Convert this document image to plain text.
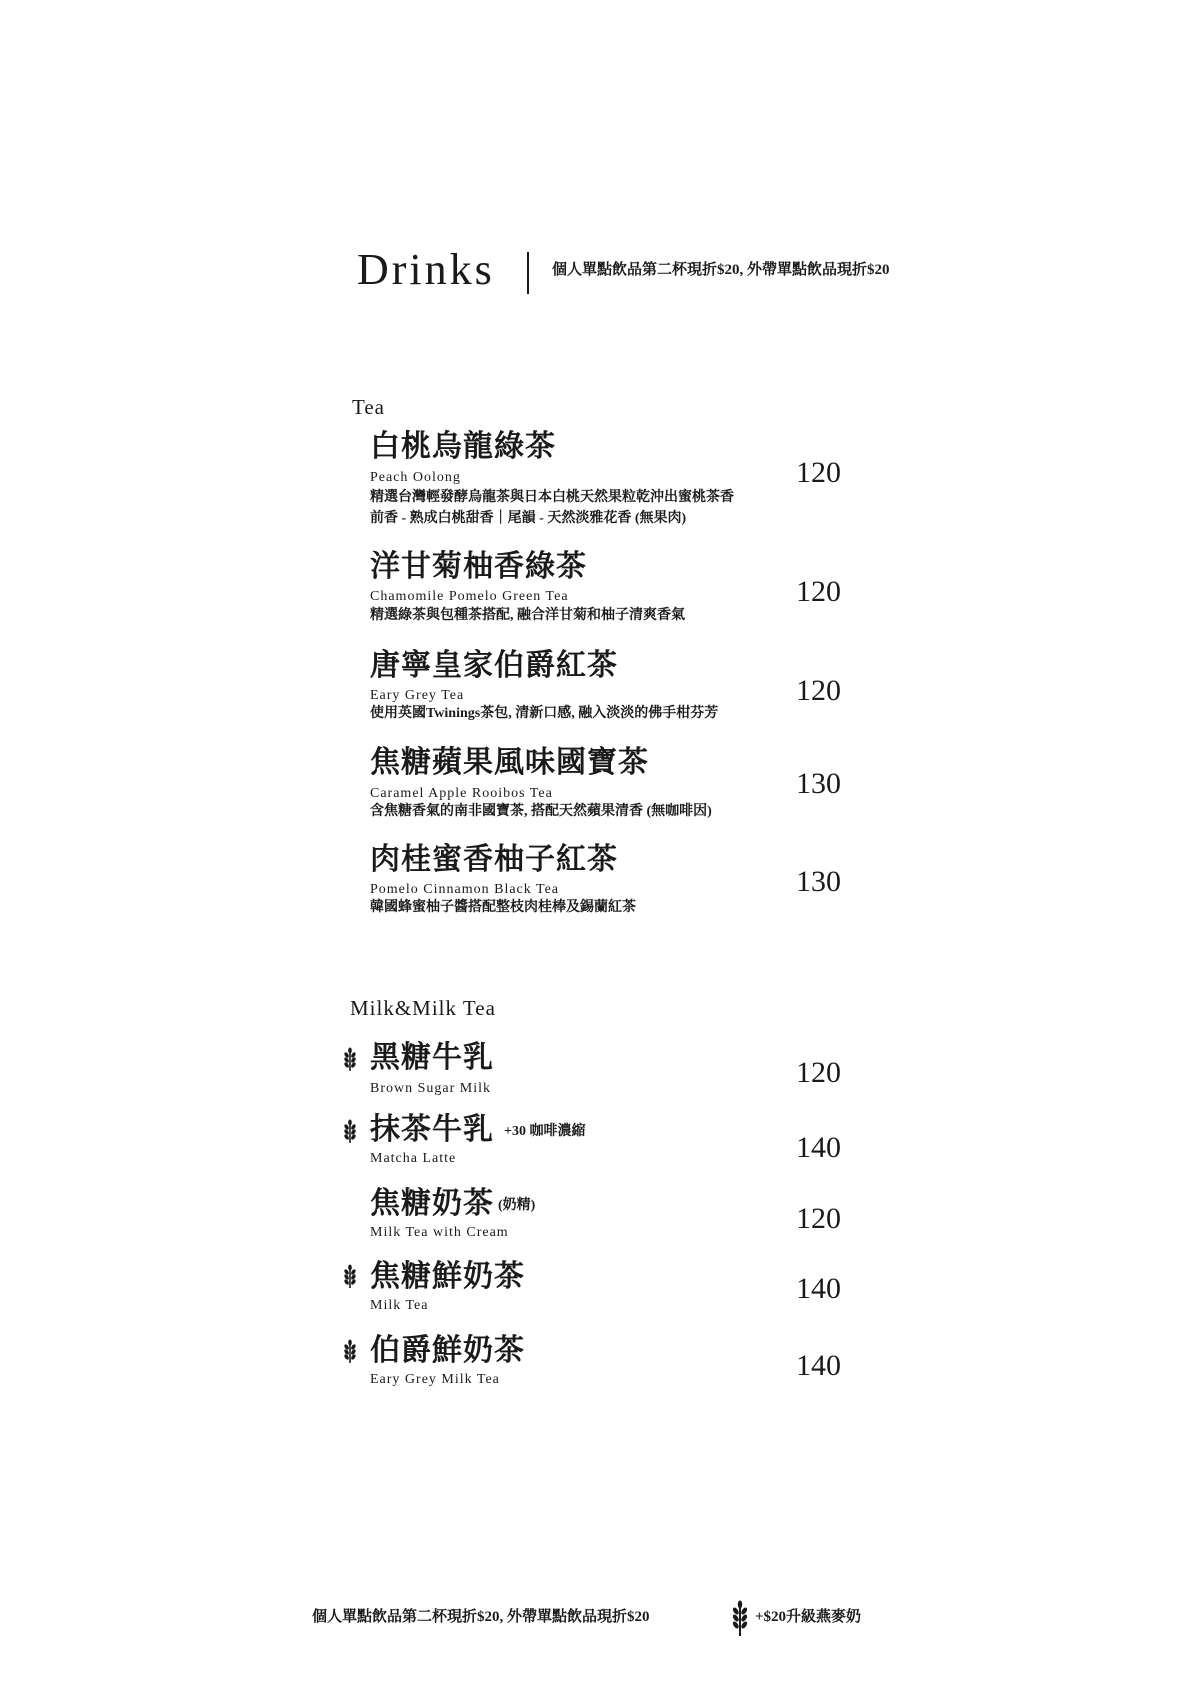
Drinks	個人單點飲品第二杯現折$20, 外帶單點飲品現折$20
Tea
白桃烏龍綠茶
Peach Oolong
精選台灣輕發酵烏龍茶與日本白桃天然果粒乾沖出蜜桃茶香
前香 - 熟成白桃甜香｜尾韻 - 天然淡雅花香 (無果肉)
120
洋甘菊柚香綠茶
Chamomile Pomelo Green Tea
精選綠茶與包種茶搭配, 融合洋甘菊和柚子清爽香氣
120
唐寧皇家伯爵紅茶
Eary Grey Tea
使用英國Twinings茶包, 清新口感, 融入淡淡的佛手柑芬芳
120
焦糖蘋果風味國寶茶
Caramel Apple Rooibos Tea
含焦糖香氣的南非國寶茶, 搭配天然蘋果清香 (無咖啡因)
130
肉桂蜜香柚子紅茶
Pomelo Cinnamon Black Tea
韓國蜂蜜柚子醬搭配整枝肉桂棒及錫蘭紅茶
130
Milk&Milk Tea
黑糖牛乳
Brown Sugar Milk	120
抹茶牛乳 +30 咖啡濃縮
Matcha Latte	140
焦糖奶茶 (奶精)
Milk Tea with Cream	120
焦糖鮮奶茶
Milk Tea
140
伯爵鮮奶茶
Eary Grey Milk Tea	140
個人單點飲品第二杯現折$20, 外帶單點飲品現折$20	+$20升級燕麥奶
